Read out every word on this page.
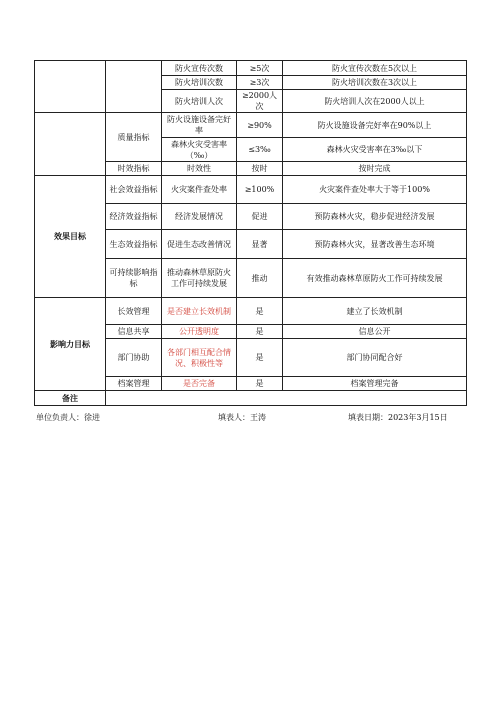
		防火宣传次数	≥5次	防火宣传次数在5次以上
		防火培训次数	≥3次	防火培训次数在3次以上
		防火培训人次	≥2000人次	防火培训人次在2000人以上
	质量指标	防火设施设备完好率	≥90%	防火设施设备完好率在90%以上
		森林火灾受害率（‰）	≤3‰	森林火灾受害率在3‰以下
	时效指标	时效性	按时	按时完成
效果目标	社会效益指标	火灾案件查处率	≥100%	火灾案件查处率大于等于100%
	经济效益指标	经济发展情况	促进	预防森林火灾，稳步促进经济发展
	生态效益指标	促进生态改善情况	显著	预防森林火灾，显著改善生态环境
	可持续影响指标	推动森林草原防火工作可持续发展	推动	有效推动森林草原防火工作可持续发展
影响力目标	长效管理	是否建立长效机制	是	建立了长效机制
	信息共享	公开透明度	是	信息公开
	部门协助	各部门相互配合情况、积极性等	是	部门协同配合好
	档案管理	是否完备	是	档案管理完备
备注				
单位负责人：徐进	填表人：王涛	填表日期：2023年3月15日
